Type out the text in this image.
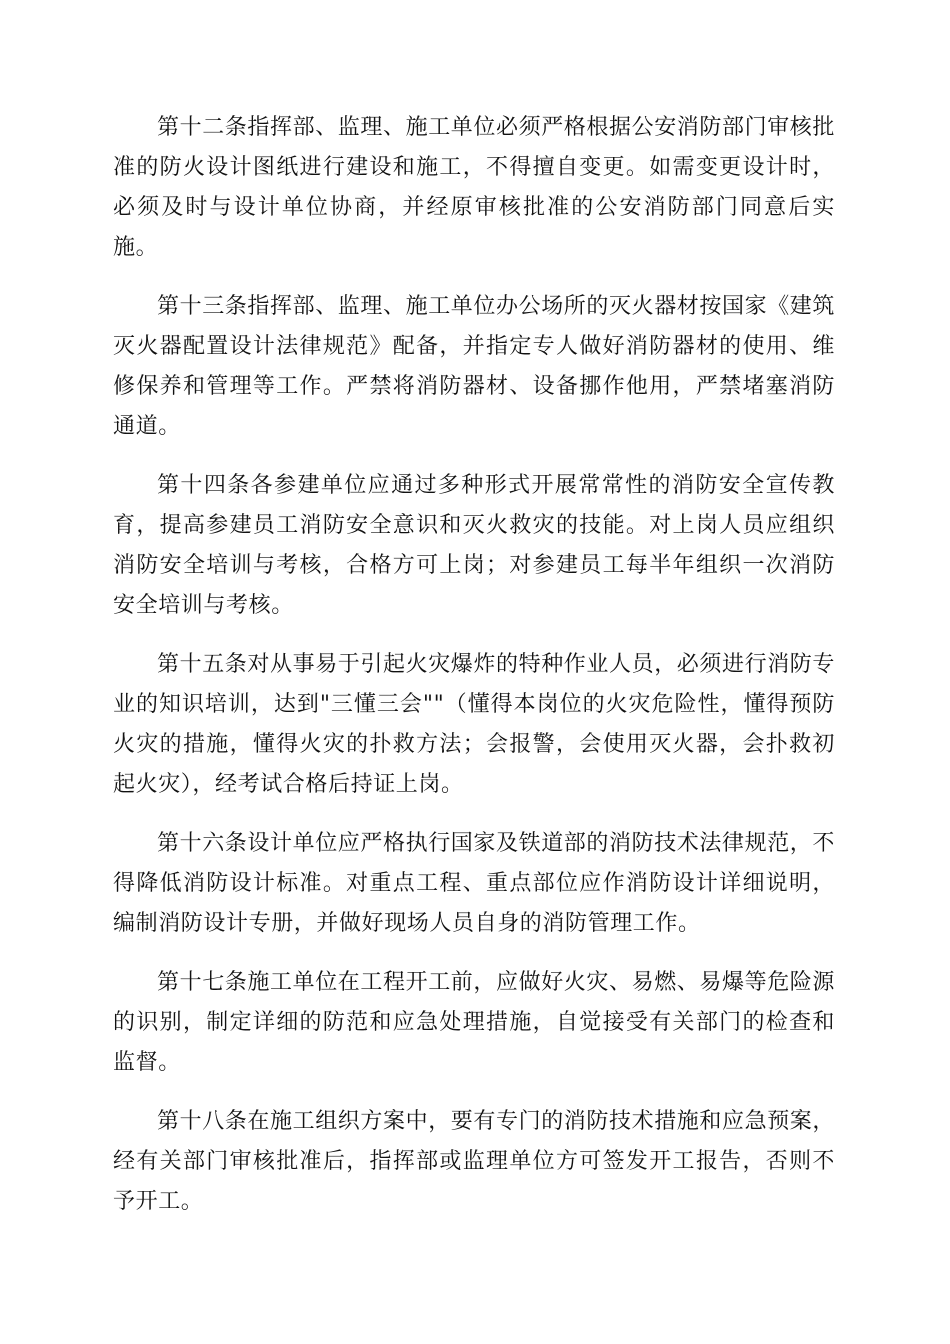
第十二条指挥部、监理、施工单位必须严格根据公安消防部门审核批准的防火设计图纸进行建设和施工，不得擅自变更。如需变更设计时，必须及时与设计单位协商，并经原审核批准的公安消防部门同意后实施。

第十三条指挥部、监理、施工单位办公场所的灭火器材按国家《建筑灭火器配置设计法律规范》配备，并指定专人做好消防器材的使用、维修保养和管理等工作。严禁将消防器材、设备挪作他用，严禁堵塞消防通道。

第十四条各参建单位应通过多种形式开展常常性的消防安全宣传教育，提高参建员工消防安全意识和灭火救灾的技能。对上岗人员应组织消防安全培训与考核，合格方可上岗；对参建员工每半年组织一次消防安全培训与考核。

第十五条对从事易于引起火灾爆炸的特种作业人员，必须进行消防专业的知识培训，达到"三懂三会""（懂得本岗位的火灾危险性，懂得预防火灾的措施，懂得火灾的扑救方法；会报警，会使用灭火器，会扑救初起火灾），经考试合格后持证上岗。

第十六条设计单位应严格执行国家及铁道部的消防技术法律规范，不得降低消防设计标准。对重点工程、重点部位应作消防设计详细说明，编制消防设计专册，并做好现场人员自身的消防管理工作。

第十七条施工单位在工程开工前，应做好火灾、易燃、易爆等危险源的识别，制定详细的防范和应急处理措施，自觉接受有关部门的检查和监督。

第十八条在施工组织方案中，要有专门的消防技术措施和应急预案，经有关部门审核批准后，指挥部或监理单位方可签发开工报告，否则不予开工。
